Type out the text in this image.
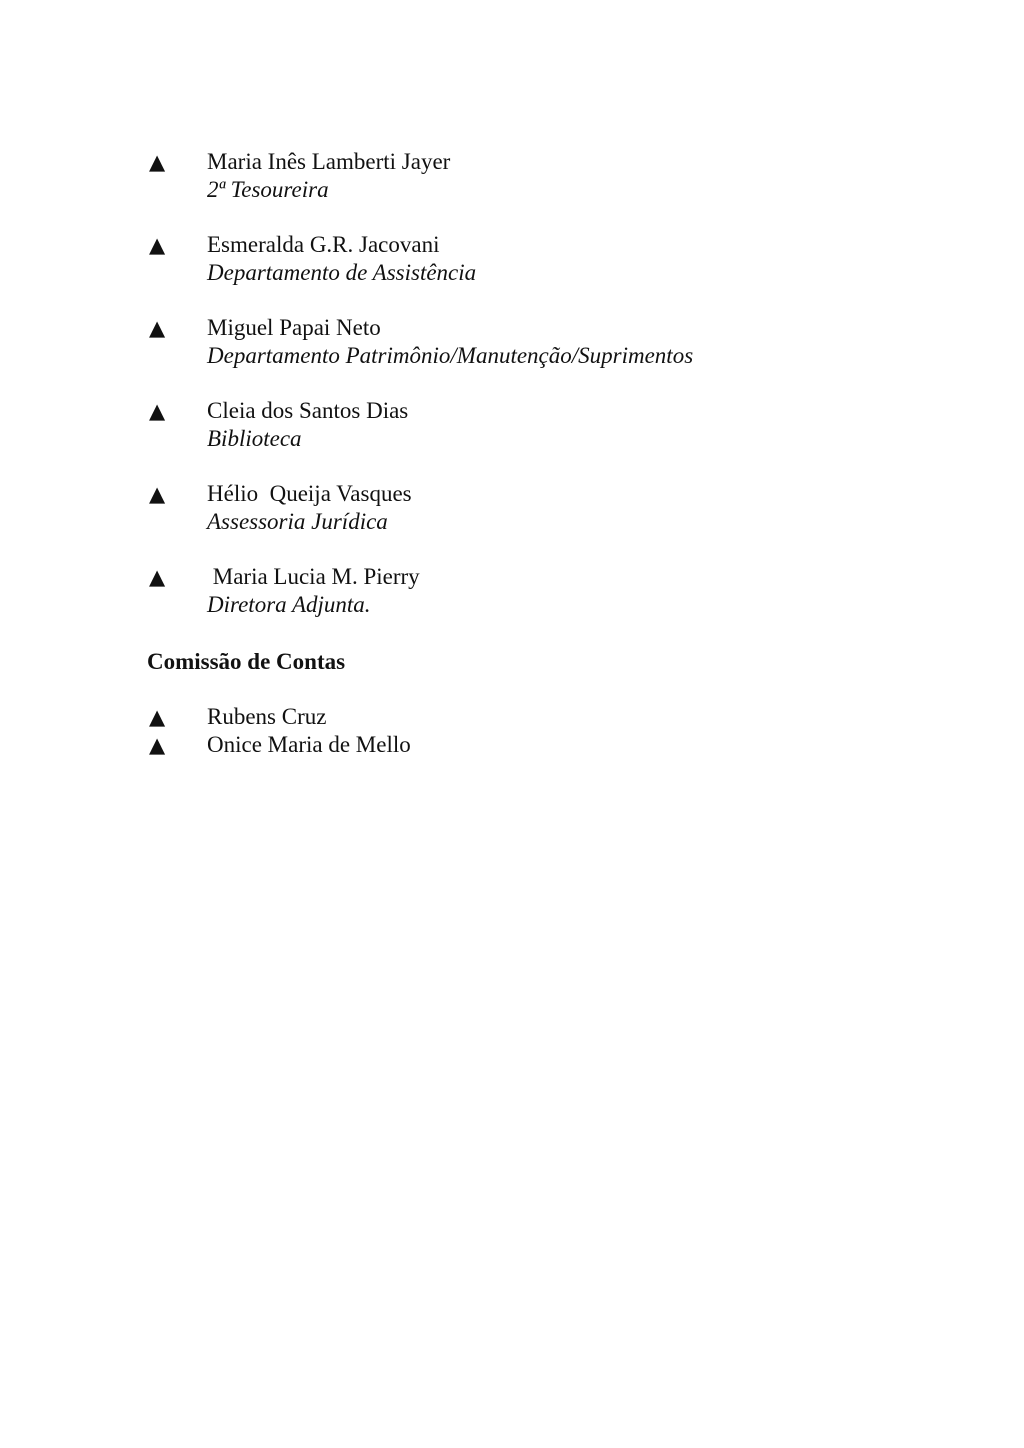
▲ Maria Inês Lamberti Jayer
2ª Tesoureira
▲ Esmeralda G.R. Jacovani
Departamento de Assistência
▲ Miguel Papai Neto
Departamento Patrimônio/Manutenção/Suprimentos
▲ Cleia dos Santos Dias
Biblioteca
▲ Hélio  Queija Vasques
Assessoria Jurídica
▲ Maria Lucia M. Pierry
Diretora Adjunta.
Comissão de Contas
▲ Rubens Cruz
▲ Onice Maria de Mello
